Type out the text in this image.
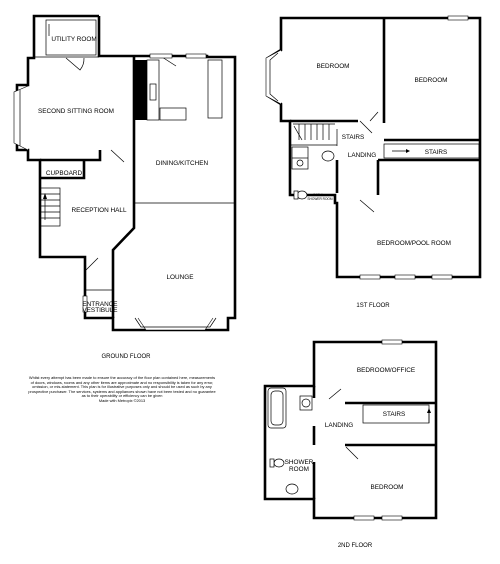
UTILITY ROOM
SECOND SITTING ROOM
DINING/KITCHEN
CUPBOARD
RECEPTION HALL
LOUNGE
ENTRANCE
VESTIBULE
GROUND FLOOR
BEDROOM
BEDROOM
STAIRS
LANDING	STAIRS
BATH/
SHOWER ROOM
BEDROOM/POOL ROOM
1ST FLOOR
BEDROOM/OFFICE
STAIRS
LANDING
SHOWER
ROOM
BEDROOM
2ND FLOOR
Whilst every attempt has been made to ensure the accuracy of the floor plan contained here, measurements
of doors, windows, rooms and any other items are approximate and no responsibility is taken for any error,
omission, or mis-statement. This plan is for illustrative purposes only and should be used as such by any
prospective purchaser. The services, systems and appliances shown have not been tested and no guarantee
as to their operability or efficiency can be given
Made with Metropix ©2013
